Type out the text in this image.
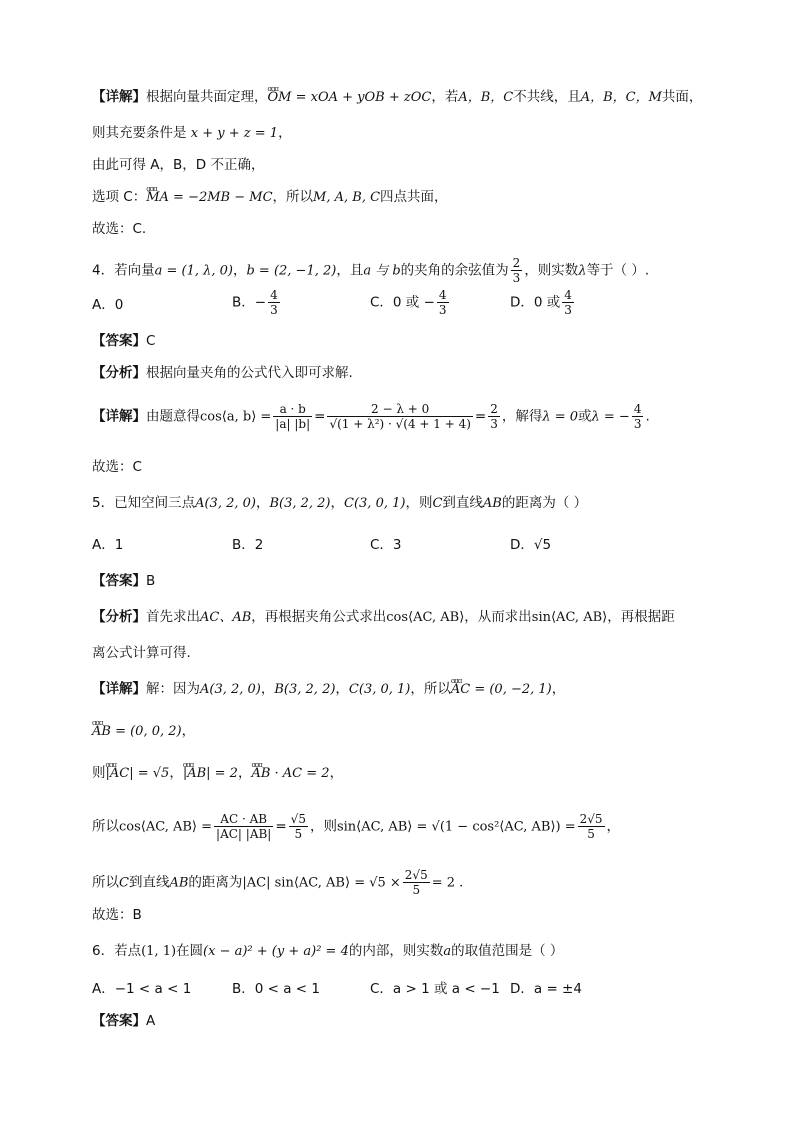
【详解】根据向量共面定理，ɑɑɑ OM = xOA + yOB + zOC，若A，B，C不共线，且A，B，C，M共面，
则其充要条件是 x + y + z = 1，
由此可得 A，B，D 不正确，
选项 C：ɑɑɑ MA = −2MB − MC，所以M, A, B, C四点共面，
故选：C.
4．若向量a = (1, λ, 0)，b = (2, −1, 2)，且a 与 b的夹角的余弦值为 $\frac{2}{3}$ ，则实数λ等于（ ）.
A．0	B．− $\frac{4}{3}$	C．0 或 − $\frac{4}{3}$	D．0 或 $\frac{4}{3}$
【答案】C
【分析】根据向量夹角的公式代入即可求解.
【详解】由题意得cos⟨a, b⟩ = $\frac{a \cdot b}{|a| |b|} = \frac{2 - \lambda + 0}{\text{√(1 + λ²) · √(4 + 1 + 4)}} = \frac{2}{3}$ ，解得λ = 0或λ = − $\frac{4}{3}$ .
故选：C
5．已知空间三点A(3, 2, 0)，B(3, 2, 2)，C(3, 0, 1)，则C到直线AB的距离为（ ）
A．1	B．2	C．3	D．√5
【答案】B
【分析】首先求出AC、AB，再根据夹角公式求出cos⟨AC, AB⟩，从而求出sin⟨AC, AB⟩，再根据距
离公式计算可得.
【详解】解：因为A(3, 2, 0)，B(3, 2, 2)，C(3, 0, 1)，所以ɑɑɑ AC = (0, −2, 1)，
ɑɑɑ AB = (0, 0, 2)，
则ɑɑɑ |AC| = √5，ɑɑɑ |AB| = 2，ɑɑɑ AB · AC = 2，
所以cos⟨AC, AB⟩ = $\frac{AC \cdot AB}{|AC| |AB|} = \frac{√5}{5}$ ，则sin⟨AC, AB⟩ = √(1 − cos²⟨AC, AB⟩) = $\frac{2√5}{5}$ ，
所以C到直线AB的距离为|AC| sin⟨AC, AB⟩ = $√5 \times \frac{2√5}{5} = 2$ .
故选：B
6．若点(1, 1)在圆(x − a)² + (y + a)² = 4的内部，则实数a的取值范围是（ ）
A．−1 < a < 1	B．0 < a < 1	C．a > 1 或 a < −1 D．a = ±4
【答案】A
